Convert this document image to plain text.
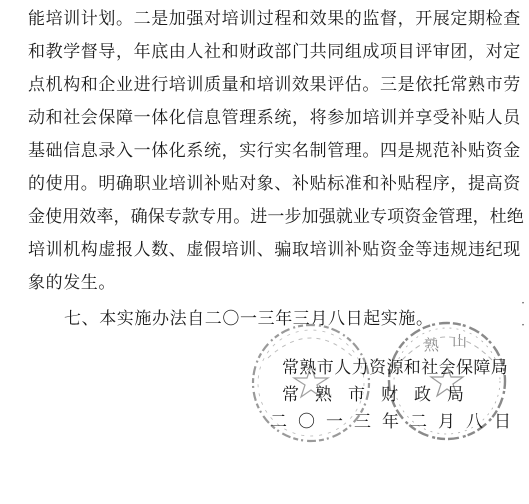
能培训计划。二是加强对培训过程和效果的监督，开展定期检查
和教学督导，年底由人社和财政部门共同组成项目评审团，对定
点机构和企业进行培训质量和培训效果评估。三是依托常熟市劳
动和社会保障一体化信息管理系统，将参加培训并享受补贴人员
基础信息录入一体化系统，实行实名制管理。四是规范补贴资金
的使用。明确职业培训补贴对象、补贴标准和补贴程序，提高资
金使用效率，确保专款专用。进一步加强就业专项资金管理，杜绝
培训机构虚报人数、虚假培训、骗取培训补贴资金等违规违纪现
象的发生。
七、本实施办法自二〇一三年三月八日起实施。
熟 山
常熟市人力资源和社会保障局
常熟市财政局
二〇一三年二月八日
·
·
